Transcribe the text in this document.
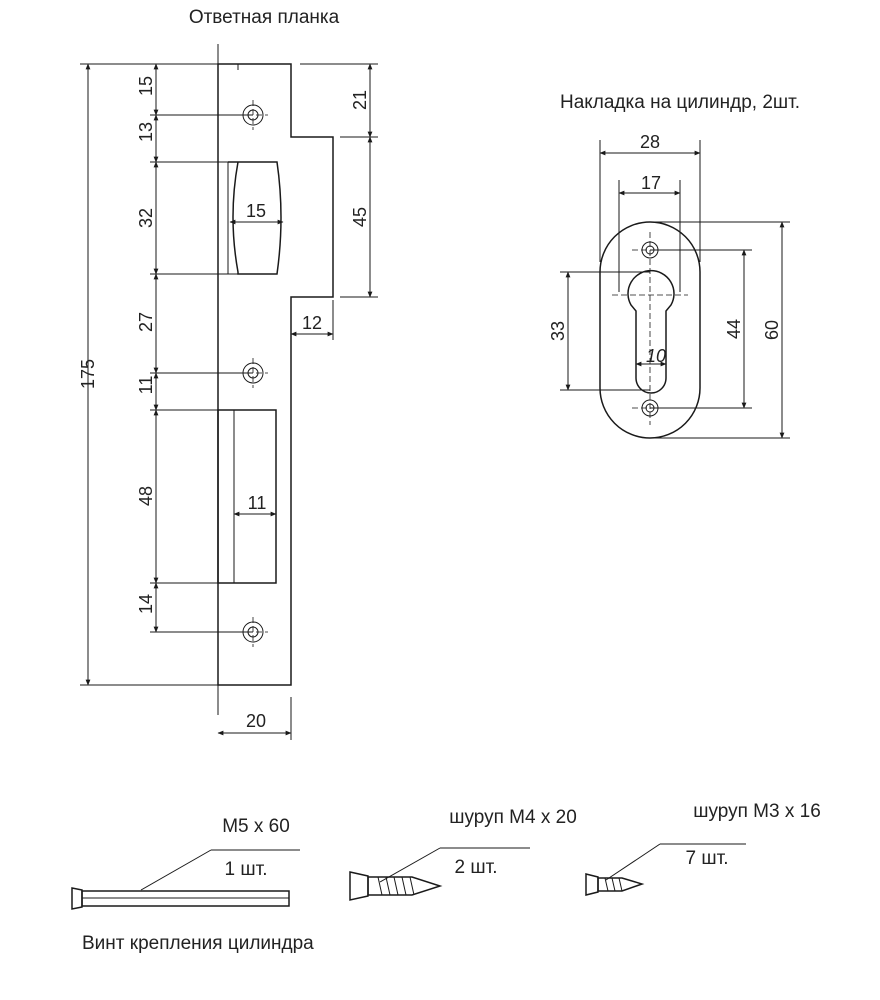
Ответная планка
175
15
13
32
27
11
48
14
15
11
20
21
45
12
Накладка на цилиндр, 2шт.
28
17
33	44 60
10
M5 x 60
1 шт.
Винт крепления цилиндра
шуруп M4 x 20
2 шт.
шуруп M3 x 16
7 шт.
